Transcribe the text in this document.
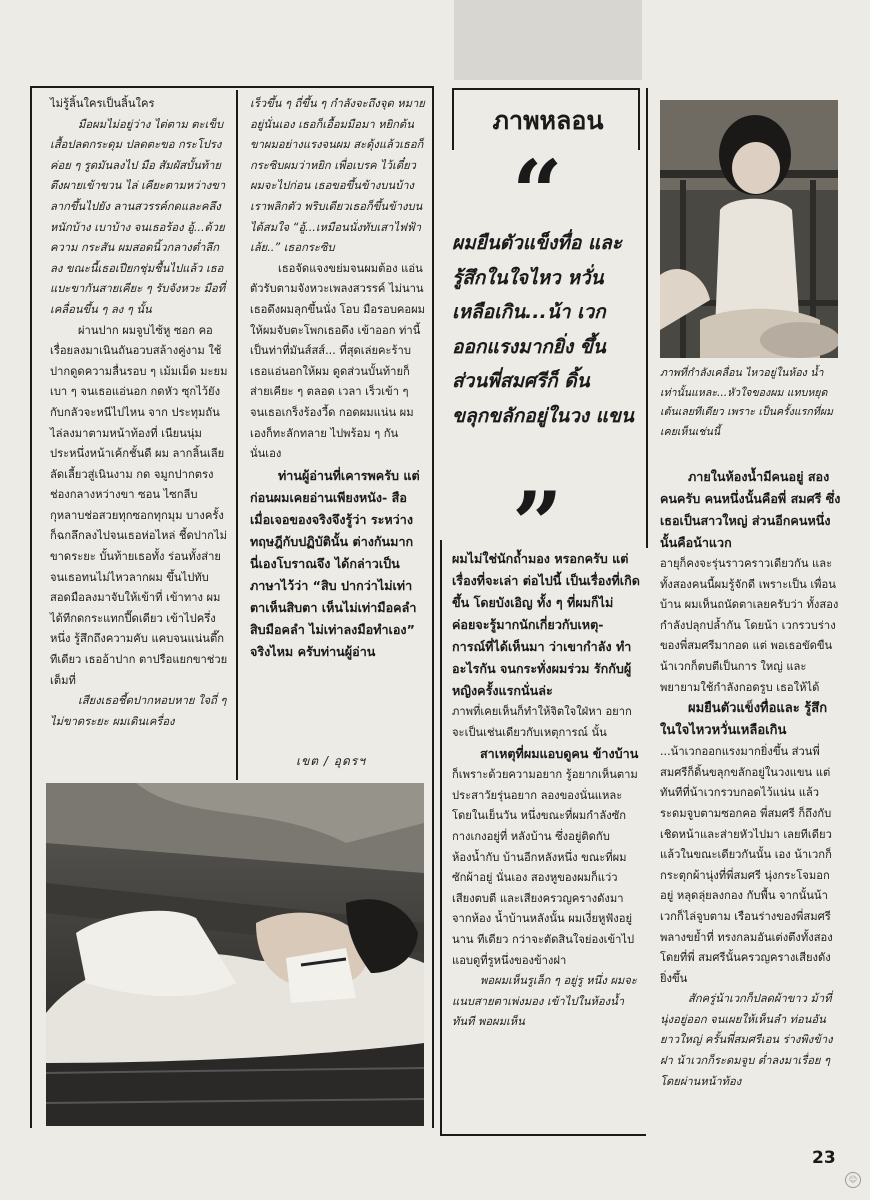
ไม่รู้ลิ้นใครเป็นลิ้นใคร

มือผมไม่อยู่ว่าง ไต่ตาม ตะเข็บเสื้อปลดกระดุม ปลดตะขอ กระโปรงค่อย ๆ รูดมันลงไป มือ สัมผัสบั้นท้ายตึงผายเข้าขวน ไล่ เคียะตามหว่างขาลากขึ้นไปยัง ลานสวรรค์กดและคลึงหนักบ้าง เบาบ้าง จนเธอร้อง อู้...ด้วยความ กระสัน ผมสอดนิ้วกลางต่ำลึกลง ขณะนี้เธอเปียกชุ่มชื้นไปแล้ว เธอ แบะขากันสายเคียะ ๆ รับจังหวะ มือที่เคลื่อนขึ้น ๆ ลง ๆ นั้น

ผ่านปาก ผมจูบไซ้หู ซอก คอเรื่อยลงมาเนินถันอวบสล้างคู่งาม ใช้ปากดูดความลื่นรอบ ๆ เม้มเม็ด มะยมเบา ๆ จนเธอแอ่นอก กดหัว ซุกไว้ยังกับกลัวจะหนีไปไหน จาก ประทุมถันไล่ลงมาตามหน้าท้องที่ เนียนนุ่มประหนึ่งหน้าเค้กชั้นดี ผม ลากลิ้นเลียลัดเลี้ยวสู่เนินงาม กด จมูกปากตรงช่องกลางหว่างขา ซอน ไซกลีบกุหลาบช่อสวยทุกซอกทุกมุม บางครั้งก็ฉกลึกลงไปจนเธอห่อไหล่ ชี้ดปากไม่ขาดระยะ บั้นท้ายเธอทั้ง ร่อนทั้งส่ายจนเธอทนไม่ไหวลากผม ขึ้นไปทับ สอดมือลงมาจับให้เข้าที่ เข้าทาง ผมได้ทีกดกระแทกปี๊ดเดียว เข้าไปครึ่งหนึ่ง รู้สึกถึงความคับ แคบจนแน่นตึ๊กทีเดียว เธออ้าปาก ตาปรือแยกขาช่วยเต็มที่

เสียงเธอชี้ดปากหอบหาย ใจถี่ ๆ ไม่ขาดระยะ ผมเดินเครื่อง

เร็วขึ้น ๆ ถี่ขึ้น ๆ กำลังจะถึงจุด หมายอยู่นั่นเอง เธอก็เอื้อมมือมา หยิกต้นขาผมอย่างแรงจนผม สะดุ้งแล้วเธอก็กระซิบผมว่าหยิก เพื่อเบรค ไว้เดี๋ยวผมจะไปก่อน เธอขอขึ้นข้างบนบ้าง เราพลิกตัว พริบเดียวเธอก็ขึ้นข้างบนได้สมใจ “อู้...เหมือนนั่งทับเสาไฟฟ้าเล้ย..” เธอกระซิบ

เธอจัดแจงขย่มจนผมต้อง แอ่นตัวรับตามจังหวะเพลงสวรรค์ ไม่นานเธอดึงผมลุกขึ้นนั่ง โอบ มือรอบคอผมให้ผมจับตะโพกเธอดึง เข้าออก ท่านี้เป็นท่าที่มันส์สส์... ที่สุดเล่ยคะร้าบ เธอแอ่นอกให้ผม ดูดส่วนบั้นท้ายก็ส่ายเคียะ ๆ ตลอด เวลา เร็วเข้า ๆ จนเธอเกร็งร้องวี้ด กอดผมแน่น ผมเองก็ทะลักทลาย ไปพร้อม ๆ กันนั่นเอง

ท่านผู้อ่านที่เคารพครับ แต่ก่อนผมเคยอ่านเพียงหนัง- สือ เมื่อเจอของจริงจึงรู้ว่า ระหว่างทฤษฎีกับปฏิบัตินั้น ต่างกันมาก นี่เองโบราณจึง ได้กล่าวเป็นภาษาไว้ว่า “สิบ ปากว่าไม่เท่าตาเห็นสิบตา เห็นไม่เท่ามือคลำ สิบมือคลำ ไม่เท่าลงมือทำเอง” จริงไหม ครับท่านผู้อ่าน

เขต / อุดรฯ
ภาพหลอน
“
ผมยืนตัวแข็งทื่อ และรู้สึกในใจไหว หวั่นเหลือเกิน...น้า เวกออกแรงมากยิ่ง ขึ้น ส่วนพี่สมศรีก็ ดิ้นขลุกขลักอยู่ในวง แขน
”

ผมไม่ใช่นักถ้ำมอง หรอกครับ แต่เรื่องที่จะเล่า ต่อไปนี้ เป็นเรื่องที่เกิดขึ้น โดยบังเอิญ ทั้ง ๆ ที่ผมก็ไม่ ค่อยจะรู้มากนักเกี่ยวกับเหตุ- การณ์ที่ได้เห็นมา ว่าเขากำลัง ทำอะไรกัน จนกระทั่งผมร่วม รักกับผู้หญิงครั้งแรกนั่นล่ะ

ภาพที่เคยเห็นก็ทำให้จิตใจใฝ่หา อยากจะเป็นเช่นเดียวกับเหตุการณ์ นั้น

สาเหตุที่ผมแอบดูคน ข้างบ้าน

ก็เพราะด้วยความอยาก รู้อยากเห็นตามประสาวัยรุ่นอยาก ลองของนั่นแหละ โดยในเย็นวัน หนึ่งขณะที่ผมกำลังซักกางเกงอยู่ที่ หลังบ้าน ซึ่งอยู่ติดกับห้องน้ำกับ บ้านอีกหลังหนึ่ง ขณะที่ผมซักผ้าอยู่ นั่นเอง สองหูของผมก็แว่วเสียงตบตี และเสียงครวญครางดังมาจากห้อง น้ำบ้านหลังนั้น ผมเงี่ยหูฟังอยู่นาน ทีเดียว กว่าจะตัดสินใจย่องเข้าไป แอบดูที่รูหนึ่งของข้างฝา

พอผมเห็นรูเล็ก ๆ อยู่รู หนึ่ง ผมจะแนบสายตาเพ่งมอง เข้าไปในห้องน้ำทันที พอผมเห็น

ภาพที่กำลังเคลื่อน ไหวอยู่ในห้อง น้ำเท่านั้นแหละ...หัวใจของผม แทบหยุดเต้นเลยทีเดียว เพราะ เป็นครั้งแรกที่ผมเคยเห็นเช่นนี้

ภายในห้องน้ำมีคนอยู่ สองคนครับ คนหนึ่งนั้นคือพี่ สมศรี ซึ่งเธอเป็นสาวใหญ่ ส่วนอีกคนหนึ่งนั้นคือน้าแวก

อายุก็คงจะรุ่นราวคราวเดียวกัน และ ทั้งสองคนนี้ผมรู้จักดี เพราะเป็น เพื่อนบ้าน ผมเห็นถนัดตาเลยครับว่า ทั้งสองกำลังปลุกปล้ำกัน โดยน้า เวกรวบร่างของพี่สมศรีมากอด แต่ พอเธอขัดขืนน้าเวกก็ตบตีเป็นการ ใหญ่ และพยายามใช้กำลังกอดรูบ เธอให้ได้

ผมยืนตัวแข็งทื่อและ รู้สึกในใจไหวหวั่นเหลือเกิน

...น้าเวกออกแรงมากยิ่งขึ้น ส่วนพี่ สมศรีก็ดิ้นขลุกขลักอยู่ในวงแขน แต่ทันทีที่น้าเวกรวบกอดไว้แน่น แล้วระดมจูบตามซอกคอ พี่สมศรี ก็ถึงกับเชิดหน้าและส่ายหัวไปมา เลยทีเดียว แล้วในขณะเดียวกันนั้น เอง น้าเวกก็กระตุกผ้านุ่งที่พี่สมศรี นุ่งกระโจมอกอยู่ หลุดลุ่ยลงกอง กับพื้น จากนั้นน้าเวกก็ไล่จูบตาม เรือนร่างของพี่สมศรี พลางขย้ำที่ ทรงกลมอันเต่งตึงทั้งสอง โดยที่พี่ สมศรีนั้นครวญครางเสียงดังยิ่งขึ้น

สักครู่น้าเวกก็ปลดผ้าขาว ม้าที่นุ่งอยู่ออก จนเผยให้เห็นลำ ท่อนอันยาวใหญ่ ครั้นพี่สมศรีเอน ร่างพิงข้างฝา น้าเวกก็ระดมจูบ ต่ำลงมาเรื่อย ๆ โดยผ่านหน้าท้อง

23
☺
